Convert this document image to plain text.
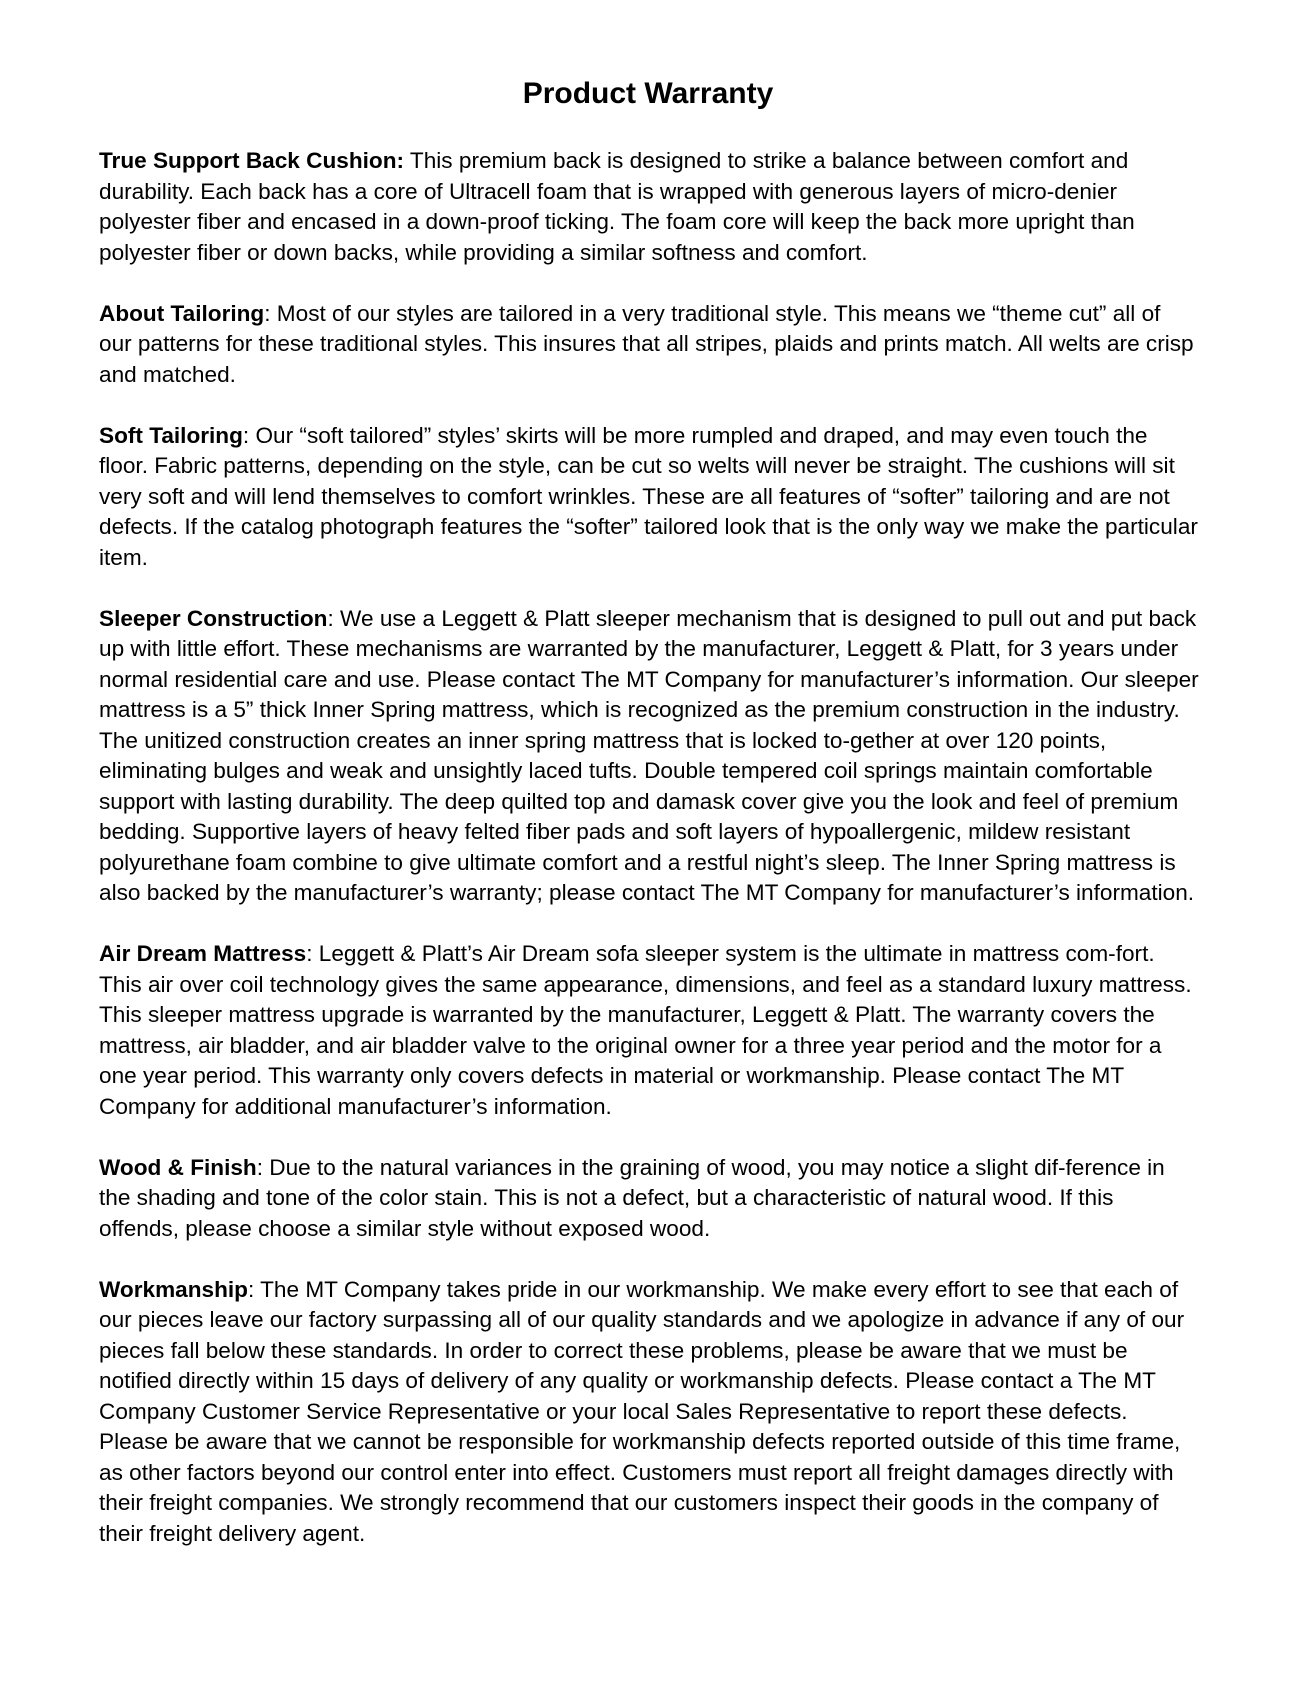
Product Warranty

True Support Back Cushion: This premium back is designed to strike a balance between comfort and durability. Each back has a core of Ultracell foam that is wrapped with generous layers of micro-denier polyester fiber and encased in a down-proof ticking. The foam core will keep the back more upright than polyester fiber or down backs, while providing a similar softness and comfort.

About Tailoring: Most of our styles are tailored in a very traditional style. This means we “theme cut” all of our patterns for these traditional styles. This insures that all stripes, plaids and prints match. All welts are crisp and matched.

Soft Tailoring: Our “soft tailored” styles’ skirts will be more rumpled and draped, and may even touch the floor. Fabric patterns, depending on the style, can be cut so welts will never be straight. The cushions will sit very soft and will lend themselves to comfort wrinkles. These are all features of “softer” tailoring and are not defects. If the catalog photograph features the “softer” tailored look that is the only way we make the particular item.

Sleeper Construction: We use a Leggett & Platt sleeper mechanism that is designed to pull out and put back up with little effort. These mechanisms are warranted by the manufacturer, Leggett & Platt, for 3 years under normal residential care and use. Please contact The MT Company for manufacturer’s information. Our sleeper mattress is a 5” thick Inner Spring mattress, which is recognized as the premium construction in the industry. The unitized construction creates an inner spring mattress that is locked to-gether at over 120 points, eliminating bulges and weak and unsightly laced tufts. Double tempered coil springs maintain comfortable support with lasting durability. The deep quilted top and damask cover give you the look and feel of premium bedding. Supportive layers of heavy felted fiber pads and soft layers of hypoallergenic, mildew resistant polyurethane foam combine to give ultimate comfort and a restful night’s sleep. The Inner Spring mattress is also backed by the manufacturer’s warranty; please contact The MT Company for manufacturer’s information.

Air Dream Mattress: Leggett & Platt’s Air Dream sofa sleeper system is the ultimate in mattress com-fort. This air over coil technology gives the same appearance, dimensions, and feel as a standard luxury mattress. This sleeper mattress upgrade is warranted by the manufacturer, Leggett & Platt. The warranty covers the mattress, air bladder, and air bladder valve to the original owner for a three year period and the motor for a one year period. This warranty only covers defects in material or workmanship. Please contact The MT Company for additional manufacturer’s information.

Wood & Finish: Due to the natural variances in the graining of wood, you may notice a slight dif-ference in the shading and tone of the color stain. This is not a defect, but a characteristic of natural wood. If this offends, please choose a similar style without exposed wood.

Workmanship: The MT Company takes pride in our workmanship. We make every effort to see that each of our pieces leave our factory surpassing all of our quality standards and we apologize in advance if any of our pieces fall below these standards. In order to correct these problems, please be aware that we must be notified directly within 15 days of delivery of any quality or workmanship defects. Please contact a The MT Company Customer Service Representative or your local Sales Representative to report these defects. Please be aware that we cannot be responsible for workmanship defects reported outside of this time frame, as other factors beyond our control enter into effect. Customers must report all freight damages directly with their freight companies. We strongly recommend that our customers inspect their goods in the company of their freight delivery agent.
